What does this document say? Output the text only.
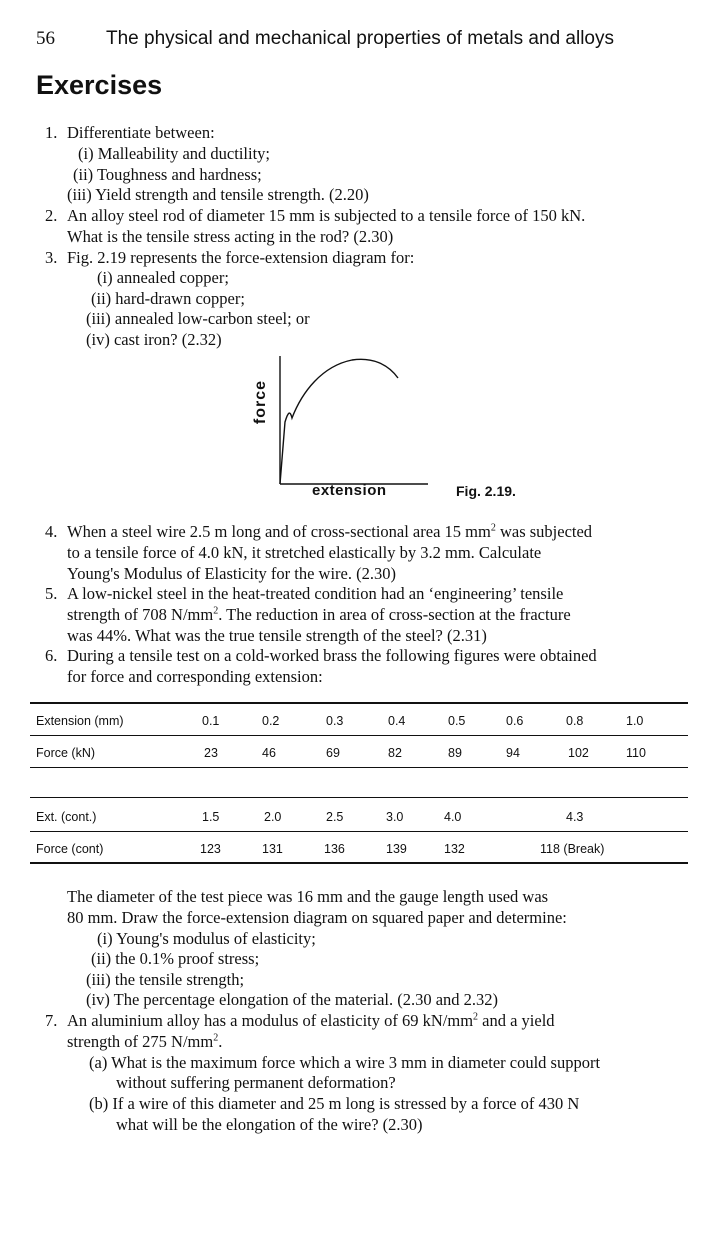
56	The physical and mechanical properties of metals and alloys
Exercises
1. Differentiate between:
(i) Malleability and ductility;
(ii) Toughness and hardness;
(iii) Yield strength and tensile strength. (2.20)
2. An alloy steel rod of diameter 15 mm is subjected to a tensile force of 150 kN.
What is the tensile stress acting in the rod? (2.30)
3. Fig. 2.19 represents the force-extension diagram for:
(i) annealed copper;
(ii) hard-drawn copper;
(iii) annealed low-carbon steel; or
(iv) cast iron? (2.32)
force
extension	Fig. 2.19.
4. When a steel wire 2.5 m long and of cross-sectional area 15 $mm^2$ was subjected
to a tensile force of 4.0 kN, it stretched elastically by 3.2 mm. Calculate
Young's Modulus of Elasticity for the wire. (2.30)
5. A low-nickel steel in the heat-treated condition had an ‘engineering’ tensile
strength of 708 $N/mm^2$. The reduction in area of cross-section at the fracture
was 44%. What was the true tensile strength of the steel? (2.31)
6. During a tensile test on a cold-worked brass the following figures were obtained
for force and corresponding extension:
Extension (mm)	0.1	0.2	0.3	0.4	0.5	0.6	0.8	1.0
Force (kN)	23	46	69	82	89	94	102	110
Ext. (cont.)	1.5	2.0	2.5	3.0	4.0	4.3
Force (cont)	123	131	136	139	132	118 (Break)
The diameter of the test piece was 16 mm and the gauge length used was
80 mm. Draw the force-extension diagram on squared paper and determine:
(i) Young's modulus of elasticity;
(ii) the 0.1% proof stress;
(iii) the tensile strength;
(iv) The percentage elongation of the material. (2.30 and 2.32)
7. An aluminium alloy has a modulus of elasticity of 69 $kN/mm^2$ and a yield
strength of 275 $N/mm^2$.
(a) What is the maximum force which a wire 3 mm in diameter could support
without suffering permanent deformation?
(b) If a wire of this diameter and 25 m long is stressed by a force of 430 N
what will be the elongation of the wire? (2.30)
